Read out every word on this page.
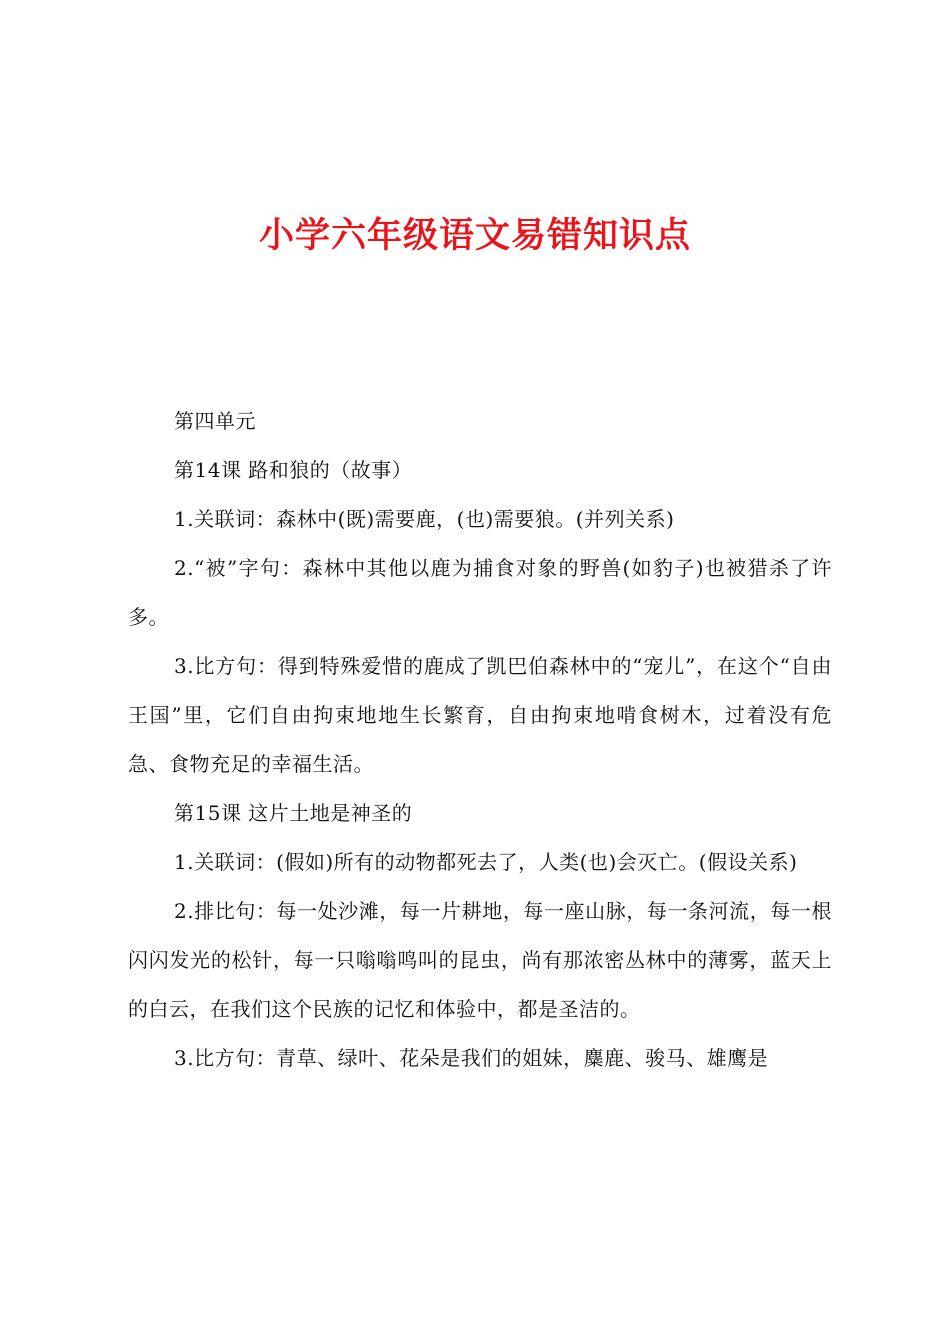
小学六年级语文易错知识点

第四单元

第14课 路和狼的（故事）

1.关联词：森林中(既)需要鹿，(也)需要狼。(并列关系)

2.“被”字句：森林中其他以鹿为捕食对象的野兽(如豹子)也被猎杀了许多。

3.比方句：得到特殊爱惜的鹿成了凯巴伯森林中的“宠儿”，在这个“自由王国”里，它们自由拘束地地生长繁育，自由拘束地啃食树木，过着没有危急、食物充足的幸福生活。

第15课 这片土地是神圣的

1.关联词：(假如)所有的动物都死去了，人类(也)会灭亡。(假设关系)

2.排比句：每一处沙滩，每一片耕地，每一座山脉，每一条河流，每一根闪闪发光的松针，每一只嗡嗡鸣叫的昆虫，尚有那浓密丛林中的薄雾，蓝天上的白云，在我们这个民族的记忆和体验中，都是圣洁的。

3.比方句：青草、绿叶、花朵是我们的姐妹，麋鹿、骏马、雄鹰是
